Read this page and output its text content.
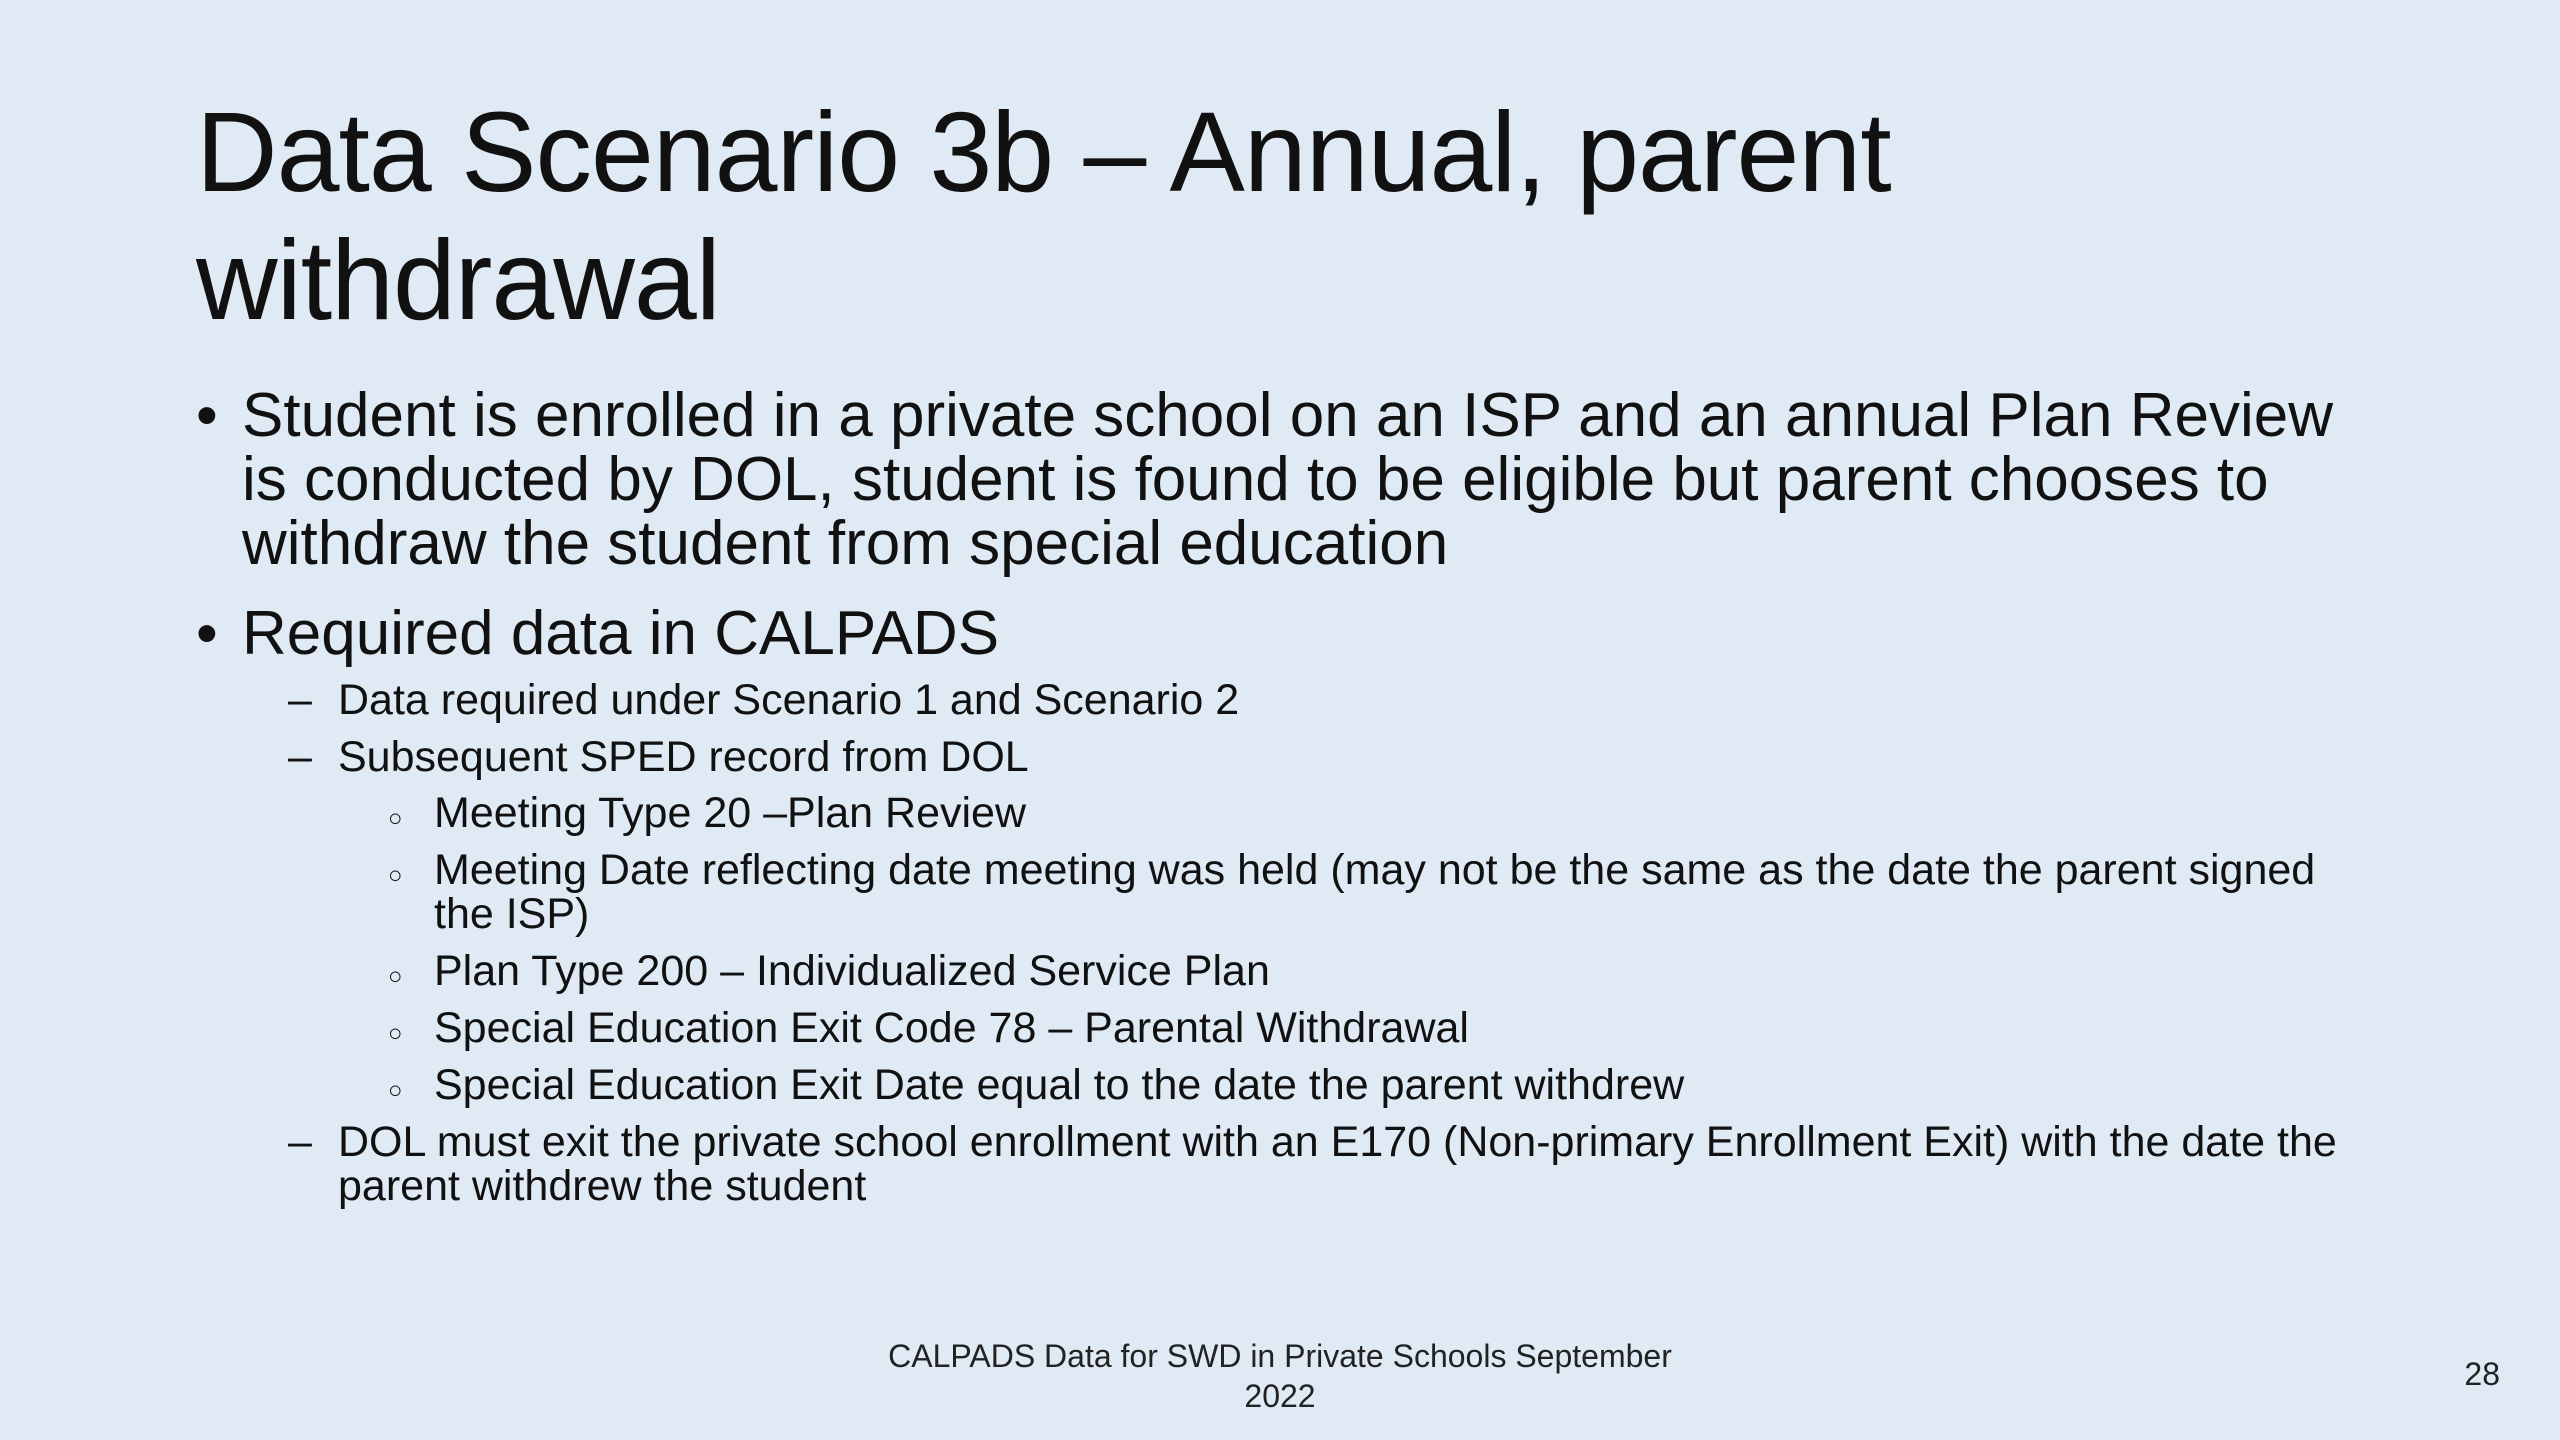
Data Scenario 3b – Annual, parent withdrawal
• Student is enrolled in a private school on an ISP and an annual Plan Review is conducted by DOL, student is found to be eligible but parent chooses to withdraw the student from special education
• Required data in CALPADS
– Data required under Scenario 1 and Scenario 2
– Subsequent SPED record from DOL
○ Meeting Type 20 –Plan Review
○ Meeting Date reflecting date meeting was held (may not be the same as the date the parent signed the ISP)
○ Plan Type 200 – Individualized Service Plan
○ Special Education Exit Code 78 – Parental Withdrawal
○ Special Education Exit Date equal to the date the parent withdrew
– DOL must exit the private school enrollment with an E170 (Non-primary Enrollment Exit) with the date the parent withdrew the student
CALPADS Data for SWD in Private Schools September 2022
28
